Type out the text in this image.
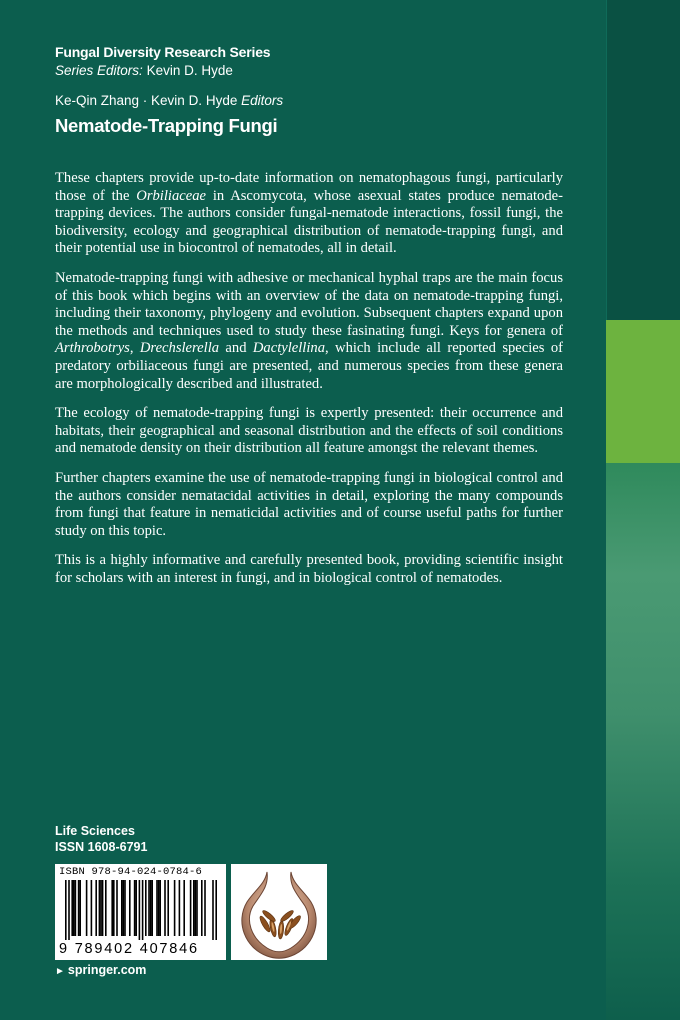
Fungal Diversity Research Series
Series Editors: Kevin D. Hyde
Ke-Qin Zhang · Kevin D. Hyde Editors
Nematode-Trapping Fungi

These chapters provide up-to-date information on nematophagous fungi, particularly those of the Orbiliaceae in Ascomycota, whose asexual states produce nematode-trapping devices. The authors consider fungal-nematode interactions, fossil fungi, the biodiversity, ecology and geographical distribution of nematode-trapping fungi, and their potential use in biocontrol of nematodes, all in detail.

Nematode-trapping fungi with adhesive or mechanical hyphal traps are the main focus of this book which begins with an overview of the data on nematode-trapping fungi, including their taxonomy, phylogeny and evolution. Subsequent chapters expand upon the methods and techniques used to study these fasinating fungi. Keys for genera of Arthrobotrys, Drechslerella and Dactylellina, which include all reported species of predatory orbiliaceous fungi are presented, and numerous species from these genera are morphologically described and illustrated.

The ecology of nematode-trapping fungi is expertly presented: their occurrence and habitats, their geographical and seasonal distribution and the effects of soil conditions and nematode density on their distribution all feature amongst the relevant themes.

Further chapters examine the use of nematode-trapping fungi in biological control and the authors consider nematacidal activities in detail, exploring the many compounds from fungi that feature in nematicidal activities and of course useful paths for further study on this topic.

This is a highly informative and carefully presented book, providing scientific insight for scholars with an interest in fungi, and in biological control of nematodes.

Life Sciences
ISSN 1608-6791
ISBN 978-94-024-0784-6
9 789402 407846
► springer.com
